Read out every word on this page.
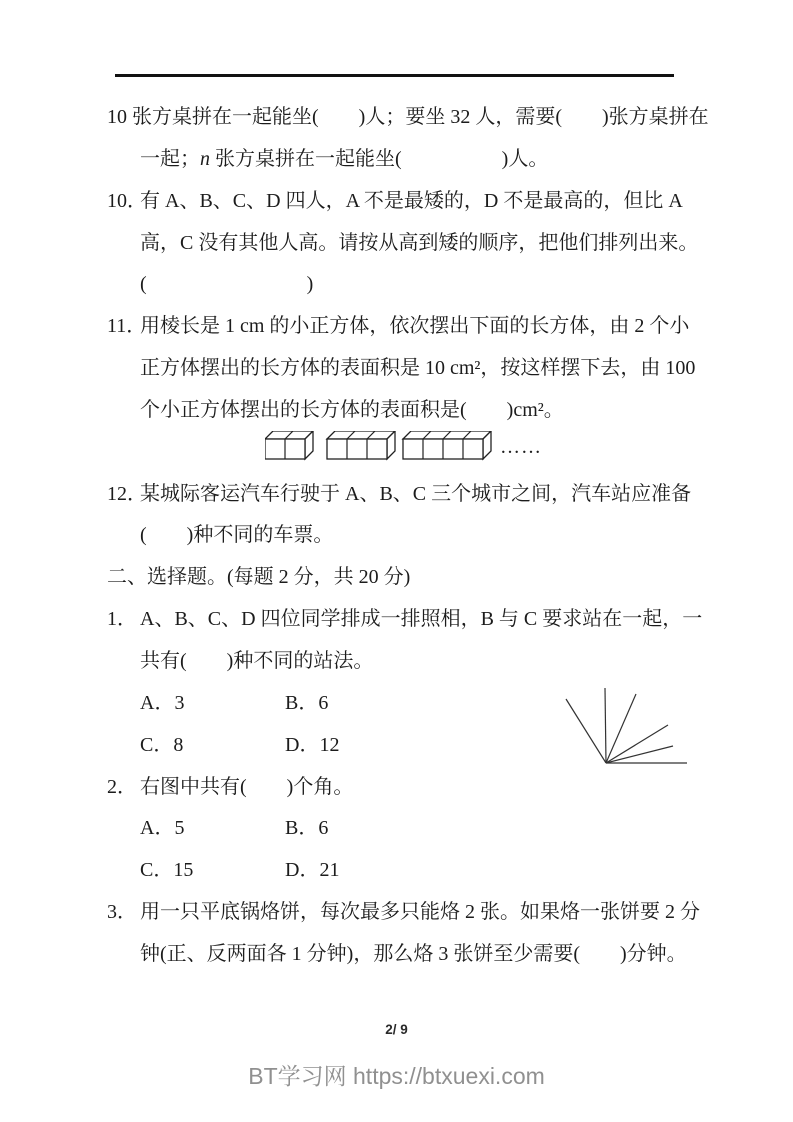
10 张方桌拼在一起能坐(　　)人；要坐 32 人，需要(　　)张方桌拼在
一起；n 张方桌拼在一起能坐(　　　　　)人。
10．
有 A、B、C、D 四人，A 不是最矮的，D 不是最高的，但比 A
高，C 没有其他人高。请按从高到矮的顺序，把他们排列出来。
(　　　　　　　　)
11．
用棱长是 1 cm 的小正方体，依次摆出下面的长方体，由 2 个小
正方体摆出的长方体的表面积是 10 cm²，按这样摆下去，由 100
个小正方体摆出的长方体的表面积是(　　)cm²。
12．
某城际客运汽车行驶于 A、B、C 三个城市之间，汽车站应准备
(　　)种不同的车票。
二、选择题。(每题 2 分，共 20 分)
1． A、B、C、D 四位同学排成一排照相，B 与 C 要求站在一起，一
共有(　　)种不同的站法。
A．3	B．6
C．8	D．12
2． 右图中共有(　　)个角。
A．5	B．6
C．15	D．21
3． 用一只平底锅烙饼，每次最多只能烙 2 张。如果烙一张饼要 2 分
钟(正、反两面各 1 分钟)，那么烙 3 张饼至少需要(　　)分钟。
……
2/ 9
BT学习网 https://btxuexi.com
